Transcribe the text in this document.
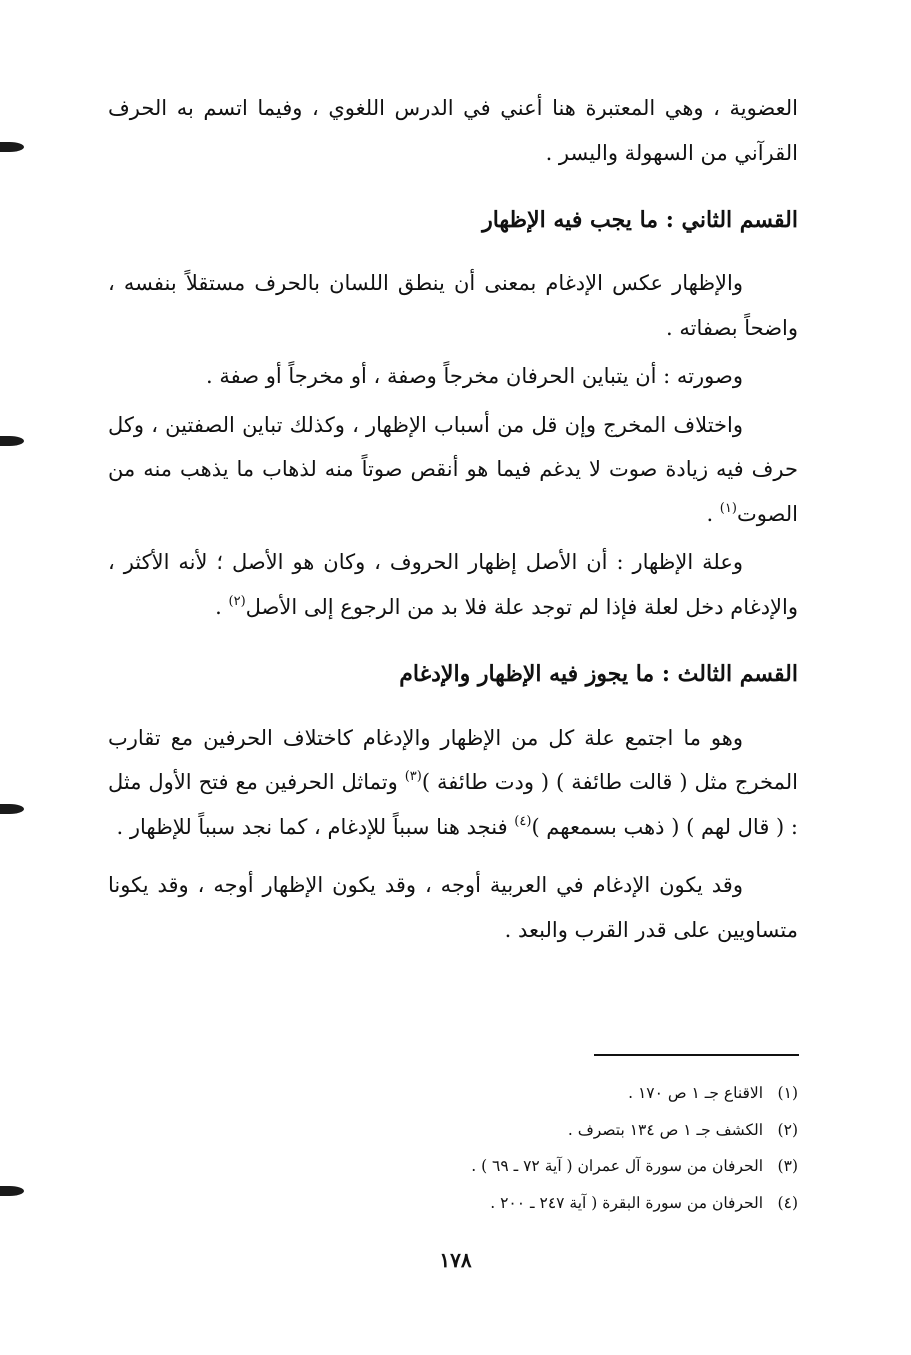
العضوية ، وهي المعتبرة هنا أعني في الدرس اللغوي ، وفيما اتسم به الحرف القرآني من السهولة واليسر .

القسم الثاني : ما يجب فيه الإظهار

والإظهار عكس الإدغام بمعنى أن ينطق اللسان بالحرف مستقلاً بنفسه ، واضحاً بصفاته .

وصورته : أن يتباين الحرفان مخرجاً وصفة ، أو مخرجاً أو صفة .

واختلاف المخرج وإن قل من أسباب الإظهار ، وكذلك تباين الصفتين ، وكل حرف فيه زيادة صوت لا يدغم فيما هو أنقص صوتاً منه لذهاب ما يذهب منه من الصوت$^{(١)}$ .

وعلة الإظهار : أن الأصل إظهار الحروف ، وكان هو الأصل ؛ لأنه الأكثر ، والإدغام دخل لعلة فإذا لم توجد علة فلا بد من الرجوع إلى الأصل$^{(٢)}$ .

القسم الثالث : ما يجوز فيه الإظهار والإدغام

وهو ما اجتمع علة كل من الإظهار والإدغام كاختلاف الحرفين مع تقارب المخرج مثل ( قالت طائفة ) ( ودت طائفة )$^{(٣)}$ وتماثل الحرفين مع فتح الأول مثل : ( قال لهم ) ( ذهب بسمعهم )$^{(٤)}$ فنجد هنا سبباً للإدغام ، كما نجد سبباً للإظهار .

وقد يكون الإدغام في العربية أوجه ، وقد يكون الإظهار أوجه ، وقد يكونا متساويين على قدر القرب والبعد .

(١) الاقناع جـ ١ ص ١٧٠ .
(٢) الكشف جـ ١ ص ١٣٤ بتصرف .
(٣) الحرفان من سورة آل عمران ( آية ٧٢ ـ ٦٩ ) .
(٤) الحرفان من سورة البقرة ( آية ٢٤٧ ـ ٢٠٠ .
١٧٨
